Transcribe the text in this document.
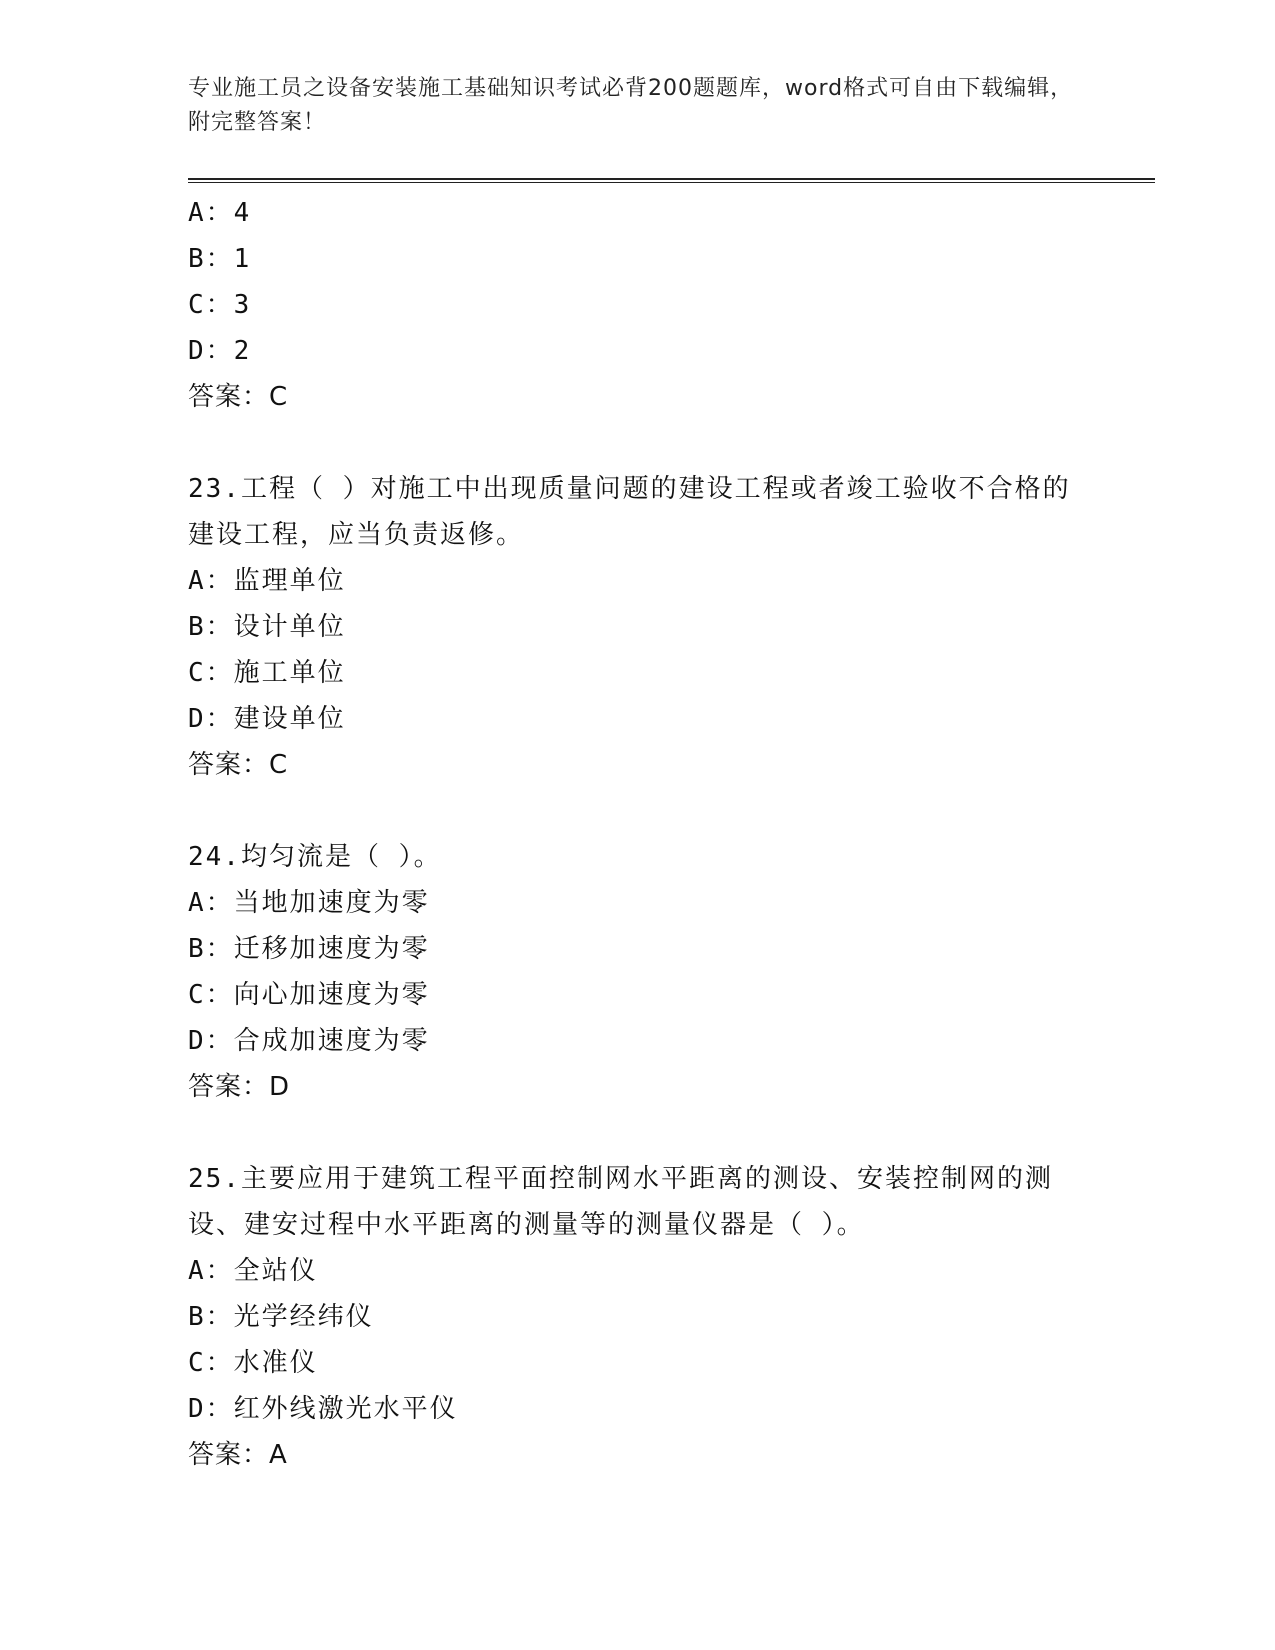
专业施工员之设备安装施工基础知识考试必背200题题库，word格式可自由下载编辑，附完整答案！
A：4
B：1
C：3
D：2
答案：C
23.工程（ ）对施工中出现质量问题的建设工程或者竣工验收不合格的建设工程，应当负责返修。
A：监理单位
B：设计单位
C：施工单位
D：建设单位
答案：C
24.均匀流是（ ）。
A：当地加速度为零
B：迁移加速度为零
C：向心加速度为零
D：合成加速度为零
答案：D
25.主要应用于建筑工程平面控制网水平距离的测设、安装控制网的测设、建安过程中水平距离的测量等的测量仪器是（ ）。
A：全站仪
B：光学经纬仪
C：水准仪
D：红外线激光水平仪
答案：A
